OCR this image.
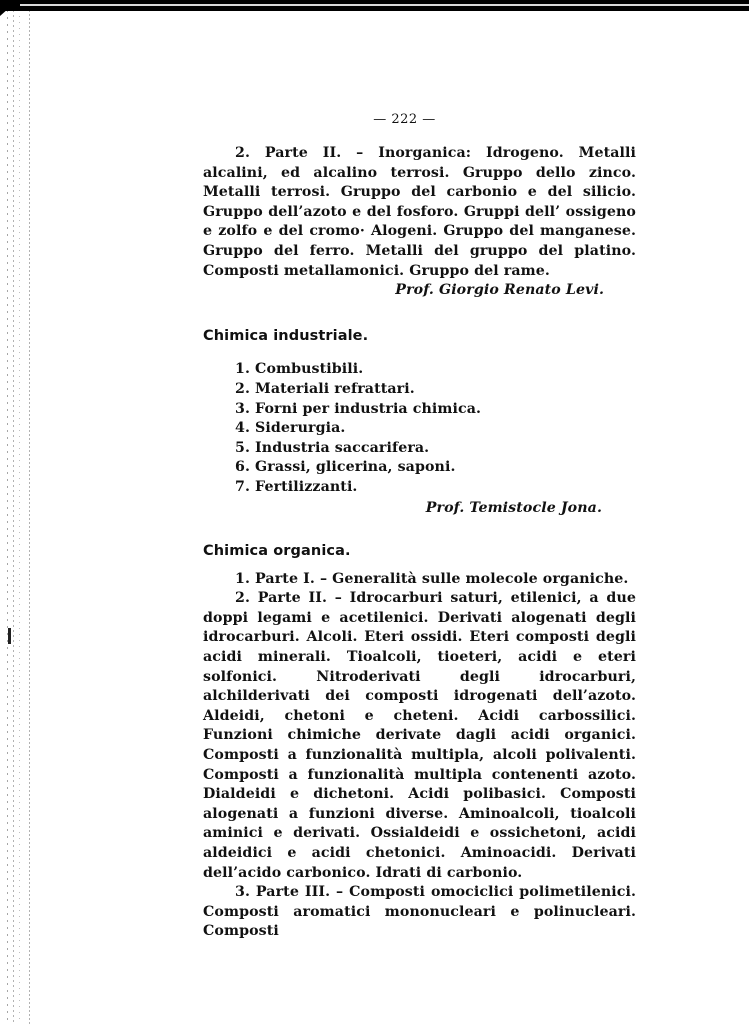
— 222 —

2. Parte II. – Inorganica: Idrogeno. Metalli alcalini, ed alcalino terrosi. Gruppo dello zinco. Metalli terrosi. Gruppo del carbonio e del silicio. Gruppo dell’azoto e del fosforo. Gruppi dell’ ossigeno e zolfo e del cromo· Alogeni. Gruppo del manganese. Gruppo del ferro. Metalli del gruppo del platino. Composti metallamonici. Gruppo del rame.

Prof. Giorgio Renato Levi.

Chimica industriale.
1. Combustibili.
2. Materiali refrattari.
3. Forni per industria chimica.
4. Siderurgia.
5. Industria saccarifera.
6. Grassi, glicerina, saponi.
7. Fertilizzanti.

Prof. Temistocle Jona.

Chimica organica.

1. Parte I. – Generalità sulle molecole organiche.

2. Parte II. – Idrocarburi saturi, etilenici, a due doppi legami e acetilenici. Derivati alogenati degli idrocarburi. Alcoli. Eteri ossidi. Eteri composti degli acidi minerali. Tioalcoli, tioeteri, acidi e eteri solfonici. Nitroderivati degli idrocarburi, alchilderivati dei composti idrogenati dell’azoto. Aldeidi, chetoni e cheteni. Acidi carbossilici. Funzioni chimiche derivate dagli acidi organici. Composti a funzionalità multipla, alcoli polivalenti. Composti a funzionalità multipla contenenti azoto. Dialdeidi e dichetoni. Acidi polibasici. Composti alogenati a funzioni diverse. Aminoalcoli, tioalcoli aminici e derivati. Ossialdeidi e ossichetoni, acidi aldeidici e acidi chetonici. Aminoacidi. Derivati dell’acido carbonico. Idrati di carbonio.

3. Parte III. – Composti omociclici polimetilenici. Composti aromatici mononucleari e polinucleari. Composti
